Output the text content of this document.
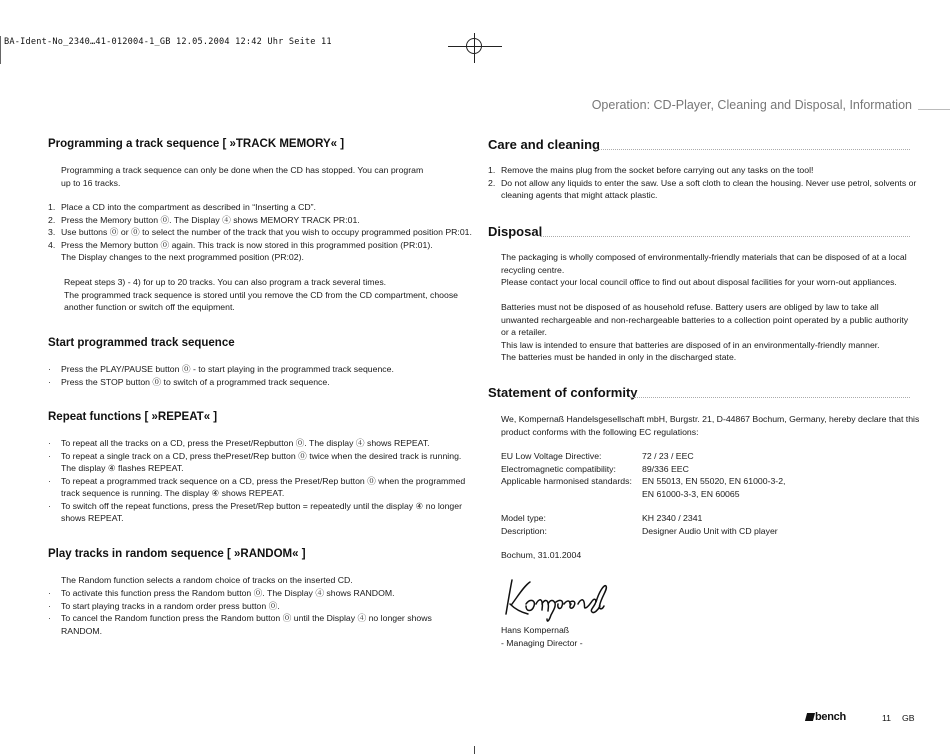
BA-Ident-No_2340…41-012004-1_GB 12.05.2004 12:42 Uhr Seite 11
Operation: CD-Player, Cleaning and Disposal, Information
Programming a track sequence [ »TRACK MEMORY« ]

Programming a track sequence can only be done when the CD has stopped. You can program

up to 16 tracks.

1. Place a CD into the compartment as described in “Inserting a CD”.
2. Press the Memory button ⓪. The Display ④ shows MEMORY TRACK PR:01.
3. Use buttons ⓪ or ⓪ to select the number of the track that you wish to occupy programmed position PR:01.
4. Press the Memory button ⓪ again. This track is now stored in this programmed position (PR:01).
The Display changes to the next programmed position (PR:02).

Repeat steps 3) - 4) for up to 20 tracks. You can also program a track several times.

The programmed track sequence is stored until you remove the CD from the CD compartment, choose

another function or switch off the equipment.

Start programmed track sequence
· Press the PLAY/PAUSE button ⓪ - to start playing in the programmed track sequence.
· Press the STOP button ⓪ to switch of a programmed track sequence.
Repeat functions [ »REPEAT« ]
· To repeat all the tracks on a CD, press the Preset/Repbutton ⓪. The display ④ shows REPEAT.
· To repeat a single track on a CD, press thePreset/Rep button ⓪ twice when the desired track is running.
The display ④ flashes REPEAT.
· To repeat a programmed track sequence on a CD, press the Preset/Rep button ⓪ when the programmed
track sequence is running. The display ④ shows REPEAT.
· To switch off the repeat functions, press the Preset/Rep button = repeatedly until the display ④ no longer
shows REPEAT.
Play tracks in random sequence [ »RANDOM« ]

The Random function selects a random choice of tracks on the inserted CD.

· To activate this function press the Random button ⓪. The Display ④ shows RANDOM.
· To start playing tracks in a random order press button ⓪.
· To cancel the Random function press the Random button ⓪ until the Display ④ no longer shows
RANDOM.
Care and cleaning
1. Remove the mains plug from the socket before carrying out any tasks on the tool!
2. Do not allow any liquids to enter the saw. Use a soft cloth to clean the housing. Never use petrol, solvents or
cleaning agents that might attack plastic.
Disposal

The packaging is wholly composed of environmentally-friendly materials that can be disposed of at a local

recycling centre.

Please contact your local council office to find out about disposal facilities for your worn-out appliances.

Batteries must not be disposed of as household refuse. Battery users are obliged by law to take all

unwanted rechargeable and non-rechargeable batteries to a collection point operated by a public authority

or a retailer.

This law is intended to ensure that batteries are disposed of in an environmentally-friendly manner.

The batteries must be handed in only in the discharged state.

Statement of conformity

We, Kompernaß Handelsgesellschaft mbH, Burgstr. 21, D-44867 Bochum, Germany, hereby declare that this

product conforms with the following EC regulations:

EU Low Voltage Directive:	72 / 23 / EEC
Electromagnetic compatibility:	89/336 EEC
Applicable harmonised standards: EN 55013, EN 55020, EN 61000-3-2,
EN 61000-3-3, EN 60065
Model type:	KH 2340 / 2341
Description:	Designer Audio Unit with CD player
Bochum, 31.01.2004

Hans Kompernaß

- Managing Director -

bench	11 GB
